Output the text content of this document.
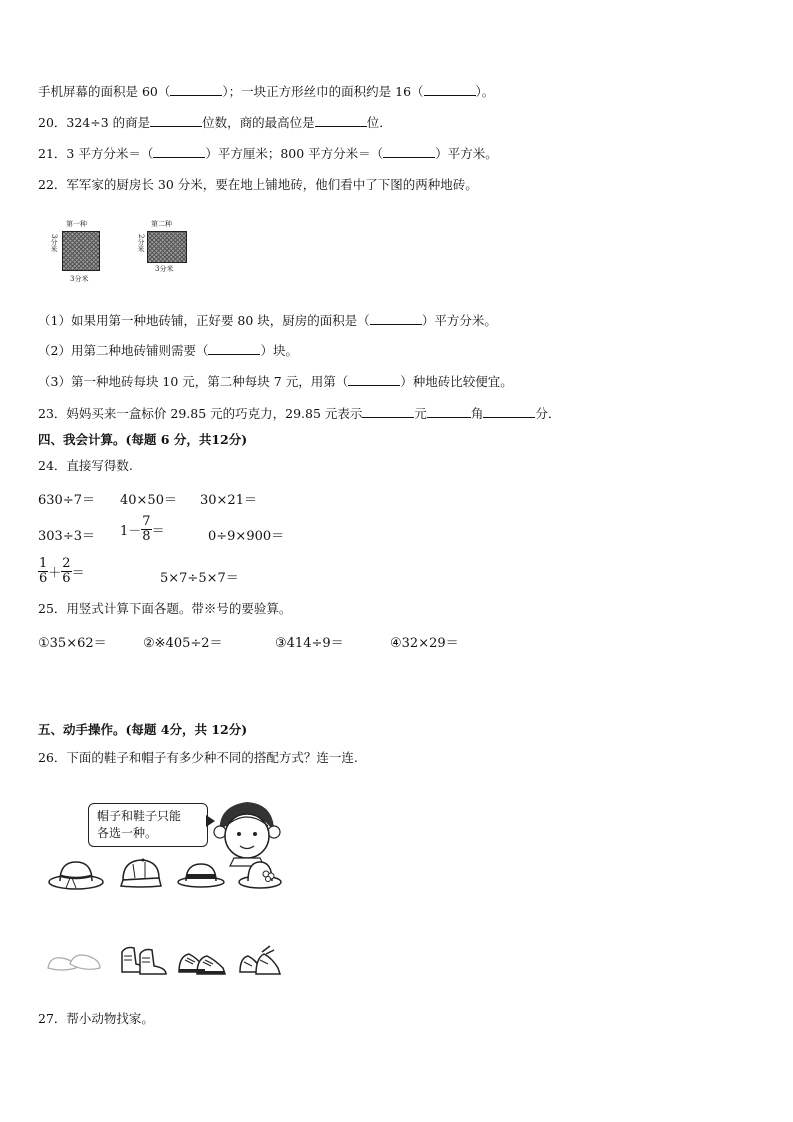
手机屏幕的面积是 60（	）；一块正方形丝巾的面积约是 16（	）。
20．324÷3 的商是	位数，商的最高位是	位．
21．3 平方分米＝（	）平方厘米；800 平方分米＝（	）平方米。
22．军军家的厨房长 30 分米，要在地上铺地砖，他们看中了下图的两种地砖。
第一种
3分米
3分米
第二种
2分米
3分米
（1）如果用第一种地砖铺，正好要 80 块，厨房的面积是（	）平方分米。
（2）用第二种地砖铺则需要（	）块。
（3）第一种地砖每块 10 元，第二种每块 7 元，用第（	）种地砖比较便宜。
23．妈妈买来一盒标价 29.85 元的巧克力，29.85 元表示	元	角	分．
四、我会计算。(每题 6 分，共12分)
24．直接写得数.
630÷7＝ 40×50＝ 30×21＝
$303\div 3= 1- \frac{7}{8}$ ＝	0÷9×900＝
$\frac{1}{6} + \frac{2}{6}$ ＝	5×7÷5×7＝
25．用竖式计算下面各题。带※号的要验算。
①35×62＝	②※405÷2＝	③414÷9＝	④32×29＝
五、动手操作。(每题 4分，共 12分)
26．下面的鞋子和帽子有多少种不同的搭配方式？连一连.
帽子和鞋子只能
各选一种。
27．帮小动物找家。
